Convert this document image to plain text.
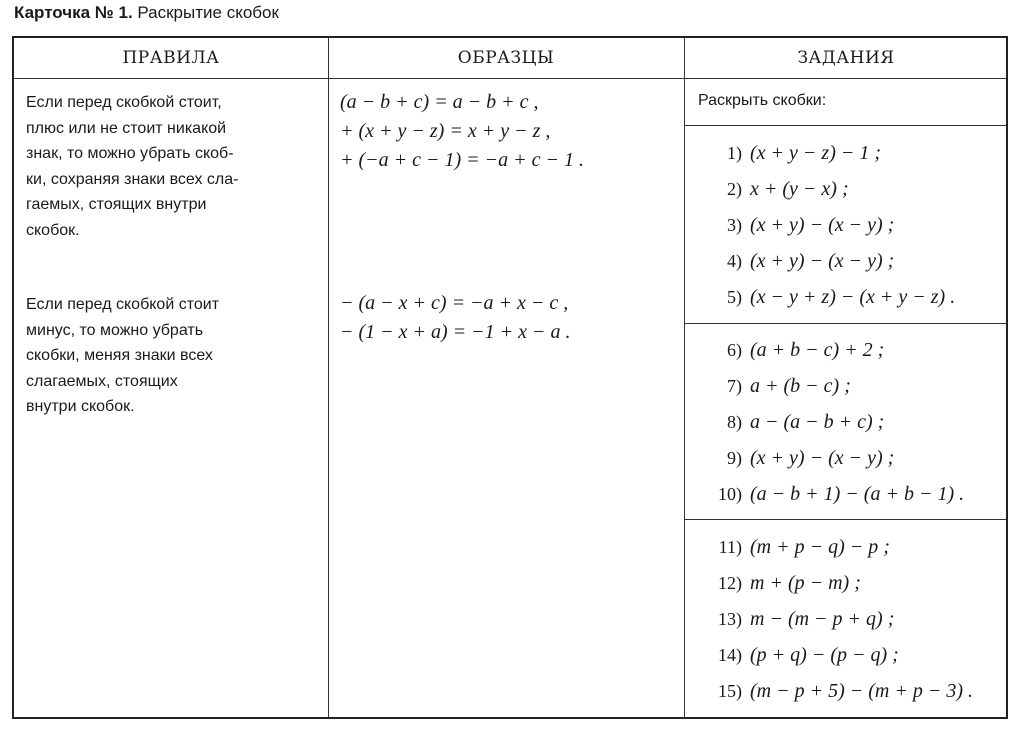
Карточка № 1. Раскрытие скобок
ПРАВИЛА	ОБРАЗЦЫ	ЗАДАНИЯ
Если перед скобкой стоит,
плюс или не стоит никакой
знак, то можно убрать скоб-
ки, сохраняя знаки всех сла-
гаемых, стоящих внутри
скобок.
Если перед скобкой стоит
минус, то можно убрать
скобки, меняя знаки всех
слагаемых, стоящих
внутри скобок.
(a − b + c) = a − b + c ,
+ (x + y − z) = x + y − z ,
+ (−a + c − 1) = −a + c − 1 .
− (a − x + c) = −a + x − c ,
− (1 − x + a) = −1 + x − a .
Раскрыть скобки:
1) (x + y − z) − 1 ;
2) x + (y − x) ;
3) (x + y) − (x − y) ;
4) (x + y) − (x − y) ;
5) (x − y + z) − (x + y − z) .
6) (a + b − c) + 2 ;
7) a + (b − c) ;
8) a − (a − b + c) ;
9) (x + y) − (x − y) ;
10) (a − b + 1) − (a + b − 1) .
11) (m + p − q) − p ;
12) m + (p − m) ;
13) m − (m − p + q) ;
14) (p + q) − (p − q) ;
15) (m − p + 5) − (m + p − 3) .
